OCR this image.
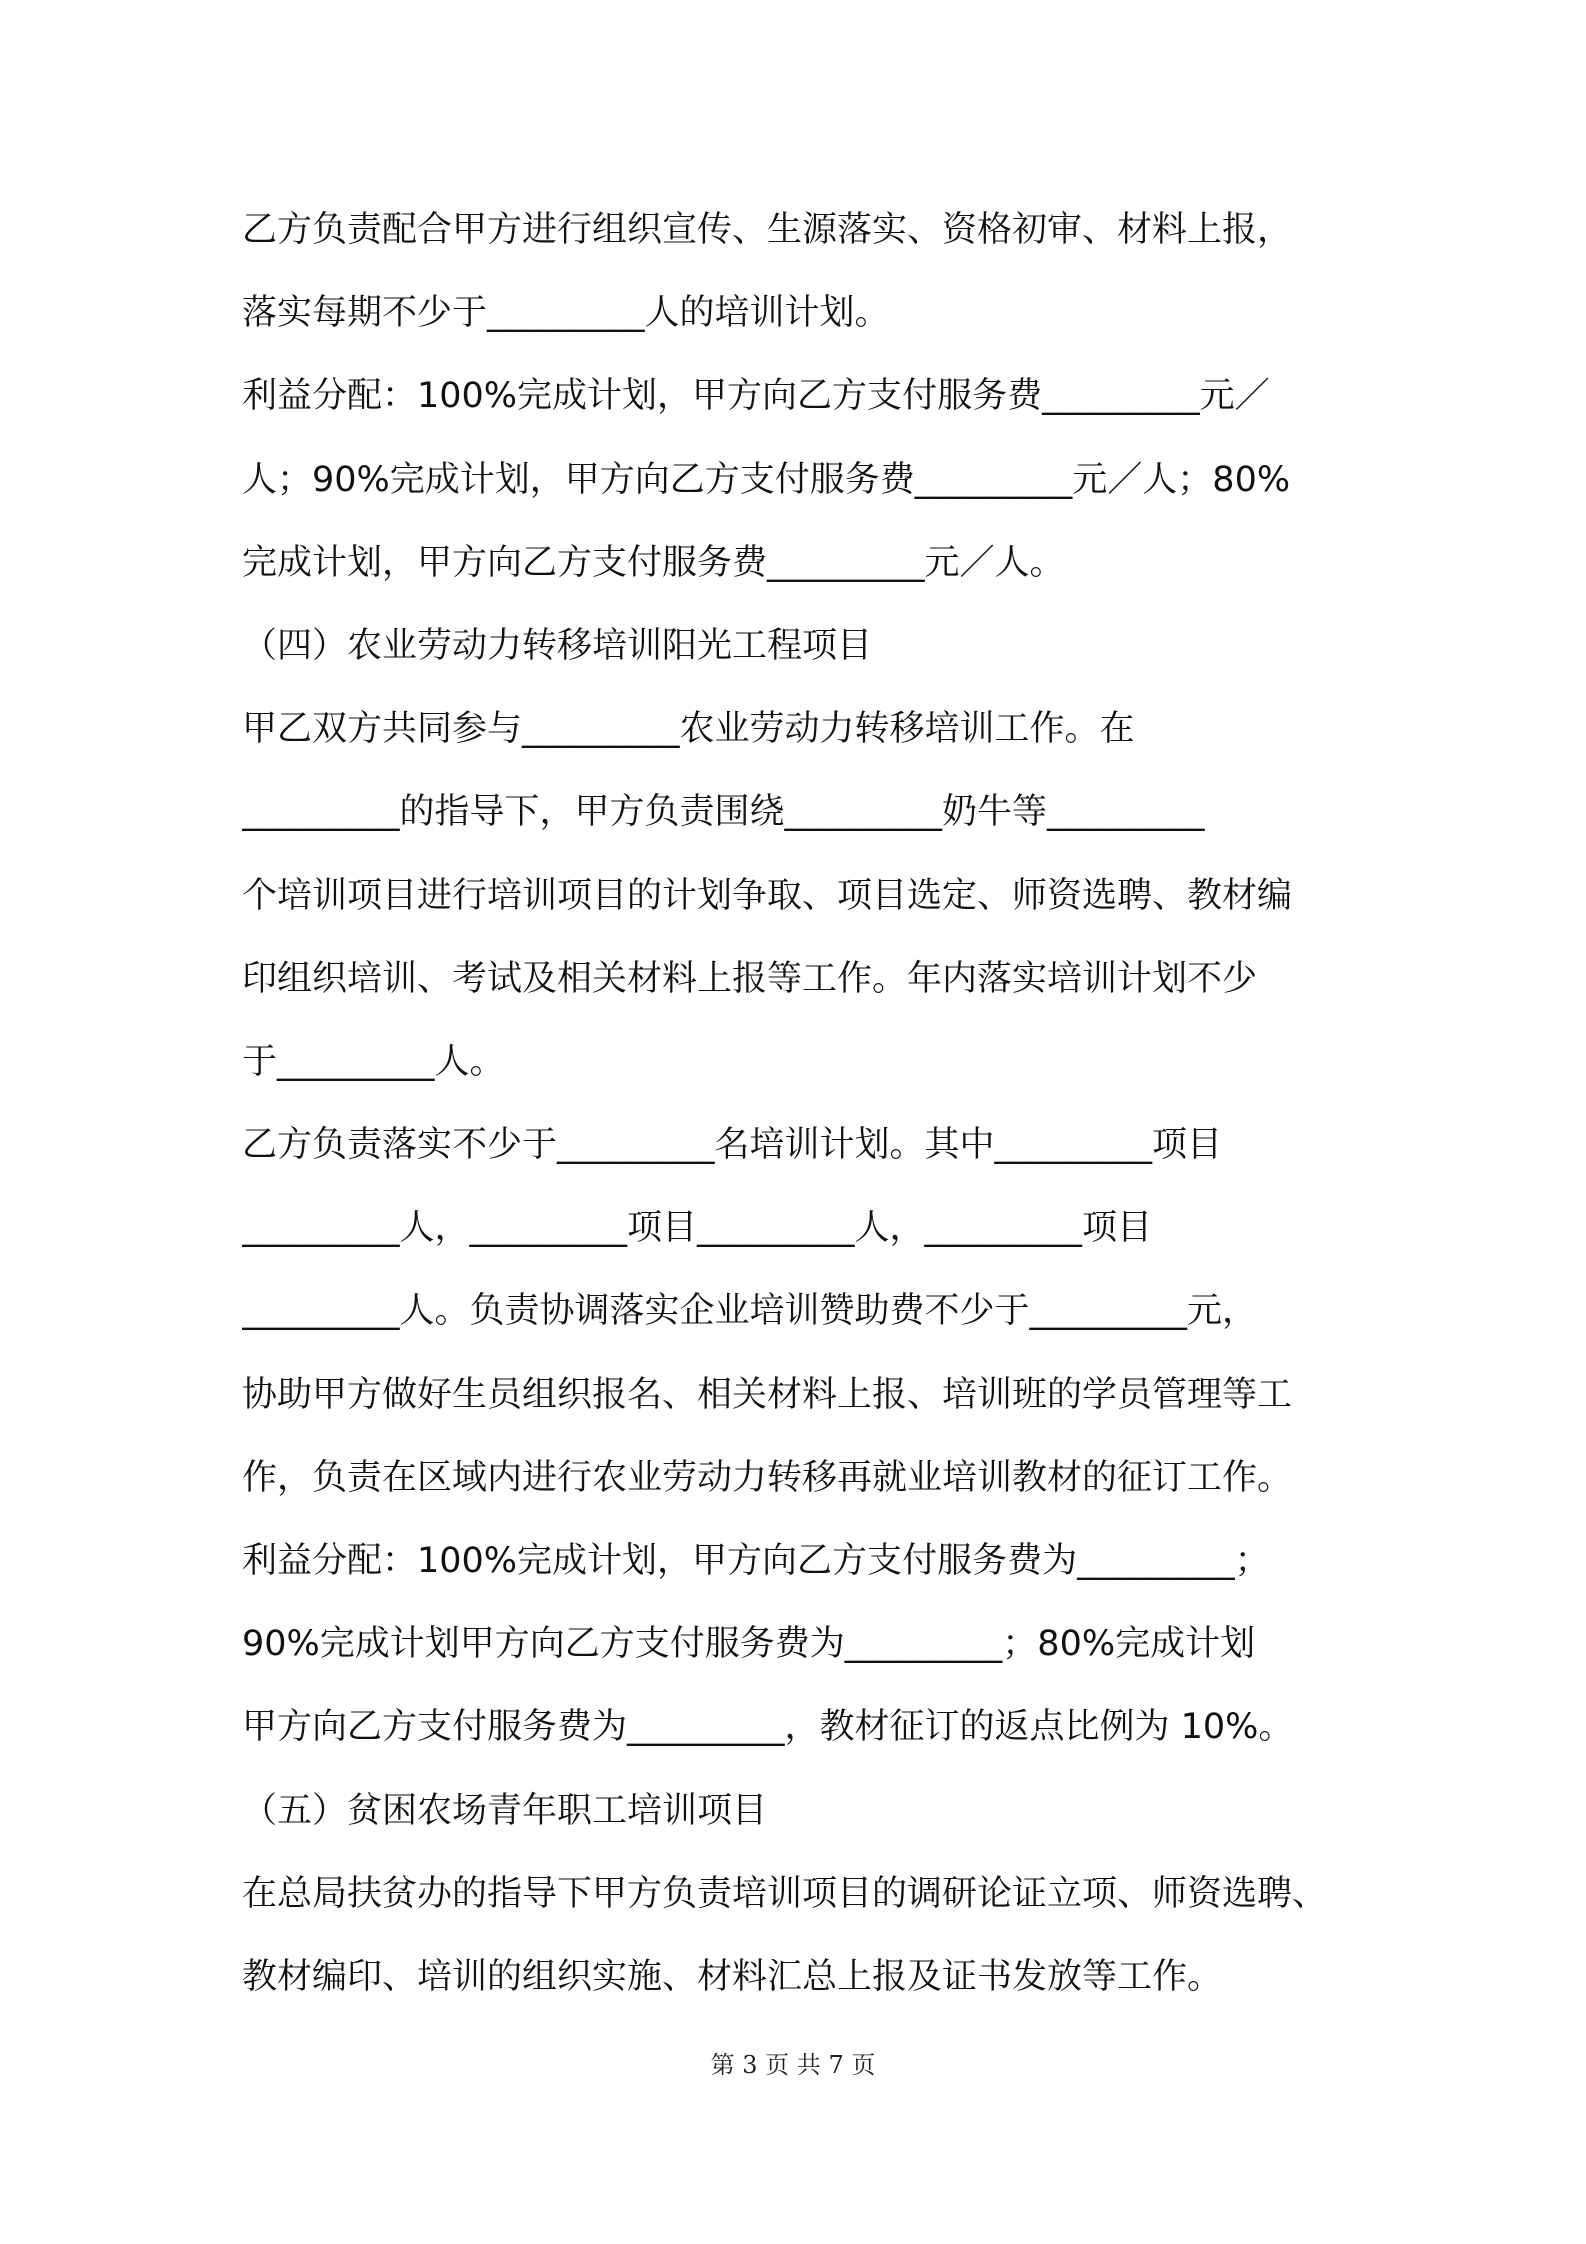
乙方负责配合甲方进行组织宣传、生源落实、资格初审、材料上报，
落实每期不少于_________人的培训计划。
利益分配：100%完成计划，甲方向乙方支付服务费_________元／
人；90%完成计划，甲方向乙方支付服务费_________元／人；80%
完成计划，甲方向乙方支付服务费_________元／人。
（四）农业劳动力转移培训阳光工程项目
甲乙双方共同参与_________农业劳动力转移培训工作。在
_________的指导下，甲方负责围绕_________奶牛等_________
个培训项目进行培训项目的计划争取、项目选定、师资选聘、教材编
印组织培训、考试及相关材料上报等工作。年内落实培训计划不少
于_________人。
乙方负责落实不少于_________名培训计划。其中_________项目
_________人，_________项目_________人，_________项目
_________人。负责协调落实企业培训赞助费不少于_________元，
协助甲方做好生员组织报名、相关材料上报、培训班的学员管理等工
作，负责在区域内进行农业劳动力转移再就业培训教材的征订工作。
利益分配：100%完成计划，甲方向乙方支付服务费为_________；
90%完成计划甲方向乙方支付服务费为_________；80%完成计划
甲方向乙方支付服务费为_________，教材征订的返点比例为 10%。
（五）贫困农场青年职工培训项目
在总局扶贫办的指导下甲方负责培训项目的调研论证立项、师资选聘、
教材编印、培训的组织实施、材料汇总上报及证书发放等工作。
第 3 页 共 7 页
